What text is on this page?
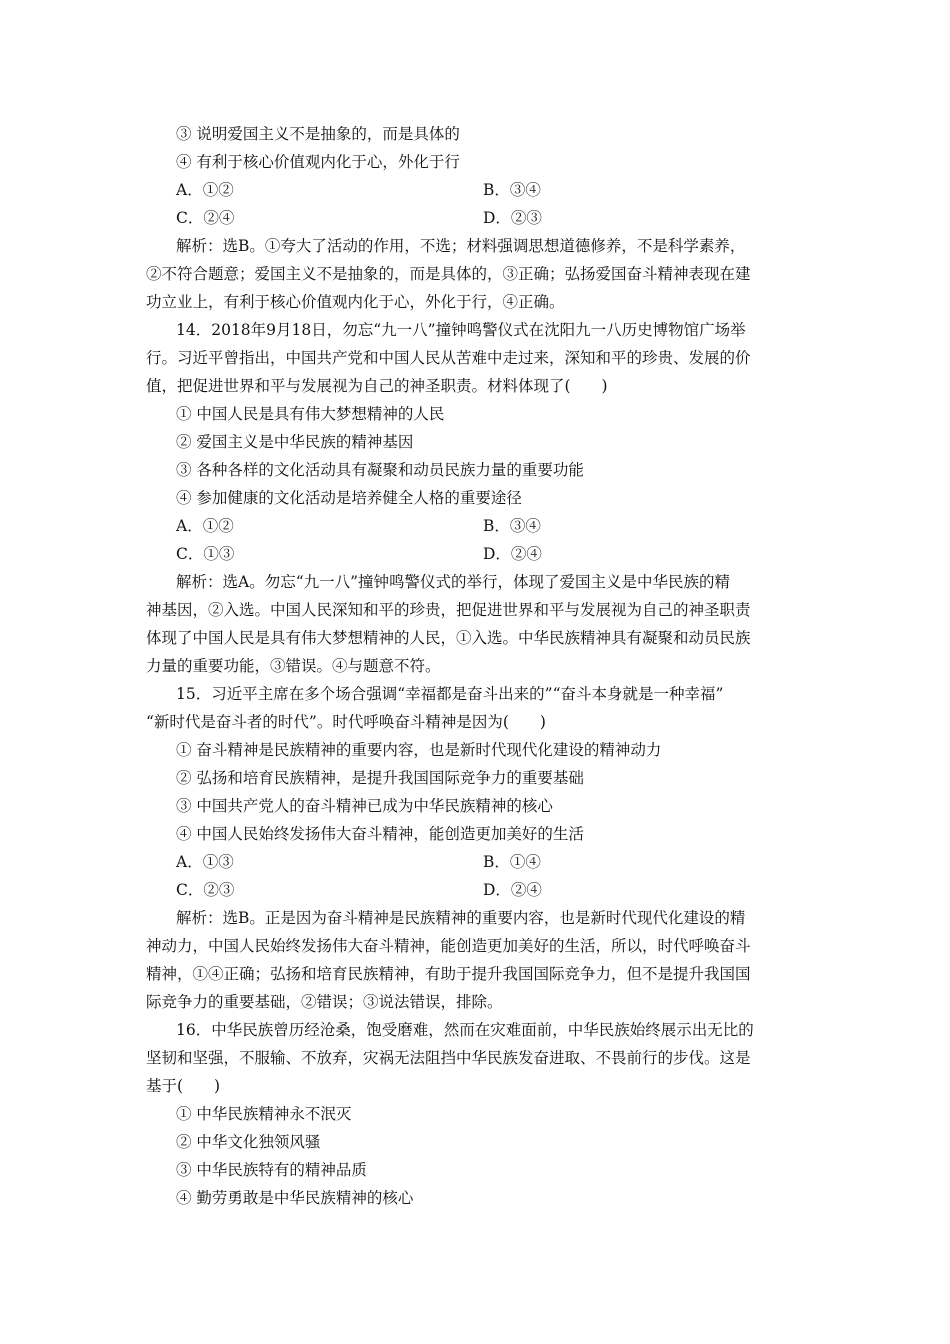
③ 说明爱国主义不是抽象的，而是具体的
④ 有利于核心价值观内化于心，外化于行
A．①②	B．③④
C．②④	D．②③
解析：选B。①夸大了活动的作用，不选；材料强调思想道德修养，不是科学素养，
②不符合题意；爱国主义不是抽象的，而是具体的，③正确；弘扬爱国奋斗精神表现在建
功立业上，有利于核心价值观内化于心，外化于行，④正确。
14．2018年9月18日，勿忘“九一八”撞钟鸣警仪式在沈阳九一八历史博物馆广场举
行。习近平曾指出，中国共产党和中国人民从苦难中走过来，深知和平的珍贵、发展的价
值，把促进世界和平与发展视为自己的神圣职责。材料体现了(　　)
① 中国人民是具有伟大梦想精神的人民
② 爱国主义是中华民族的精神基因
③ 各种各样的文化活动具有凝聚和动员民族力量的重要功能
④ 参加健康的文化活动是培养健全人格的重要途径
A．①②	B．③④
C．①③	D．②④
解析：选A。勿忘“九一八”撞钟鸣警仪式的举行，体现了爱国主义是中华民族的精
神基因，②入选。中国人民深知和平的珍贵，把促进世界和平与发展视为自己的神圣职责
体现了中国人民是具有伟大梦想精神的人民，①入选。中华民族精神具有凝聚和动员民族
力量的重要功能，③错误。④与题意不符。
15．习近平主席在多个场合强调“幸福都是奋斗出来的”“奋斗本身就是一种幸福”
“新时代是奋斗者的时代”。时代呼唤奋斗精神是因为(　　)
① 奋斗精神是民族精神的重要内容，也是新时代现代化建设的精神动力
② 弘扬和培育民族精神，是提升我国国际竞争力的重要基础
③ 中国共产党人的奋斗精神已成为中华民族精神的核心
④ 中国人民始终发扬伟大奋斗精神，能创造更加美好的生活
A．①③	B．①④
C．②③	D．②④
解析：选B。正是因为奋斗精神是民族精神的重要内容，也是新时代现代化建设的精
神动力，中国人民始终发扬伟大奋斗精神，能创造更加美好的生活，所以，时代呼唤奋斗
精神，①④正确；弘扬和培育民族精神，有助于提升我国国际竞争力，但不是提升我国国
际竞争力的重要基础，②错误；③说法错误，排除。
16．中华民族曾历经沧桑，饱受磨难，然而在灾难面前，中华民族始终展示出无比的
坚韧和坚强，不服输、不放弃，灾祸无法阻挡中华民族发奋进取、不畏前行的步伐。这是
基于(　　)
① 中华民族精神永不泯灭
② 中华文化独领风骚
③ 中华民族特有的精神品质
④ 勤劳勇敢是中华民族精神的核心
